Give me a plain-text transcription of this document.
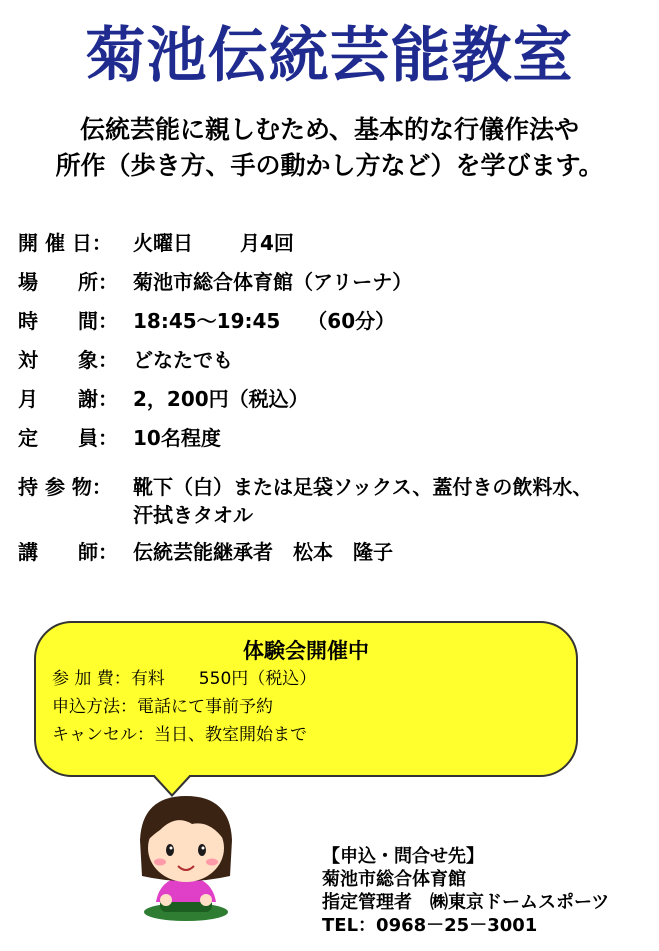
菊池伝統芸能教室
伝統芸能に親しむため、基本的な行儀作法や
所作（歩き方、手の動かし方など）を学びます。
開 催 日： 火曜日　　 月4回
場　　所： 菊池市総合体育館（アリーナ）
時　　間： 18:45～19:45　 （60分）
対　　象： どなたでも
月　　謝： 2，200円（税込）
定　　員： 10名程度
持 参 物： 靴下（白）または足袋ソックス、蓋付きの飲料水、
汗拭きタオル
講　　師： 伝統芸能継承者　松本　隆子
体験会開催中
参 加 費：有料　　550円（税込）
申込方法：電話にて事前予約
キャンセル：当日、教室開始まで
【申込・問合せ先】
菊池市総合体育館
指定管理者　㈱東京ドームスポーツ
TEL：0968－25－3001
